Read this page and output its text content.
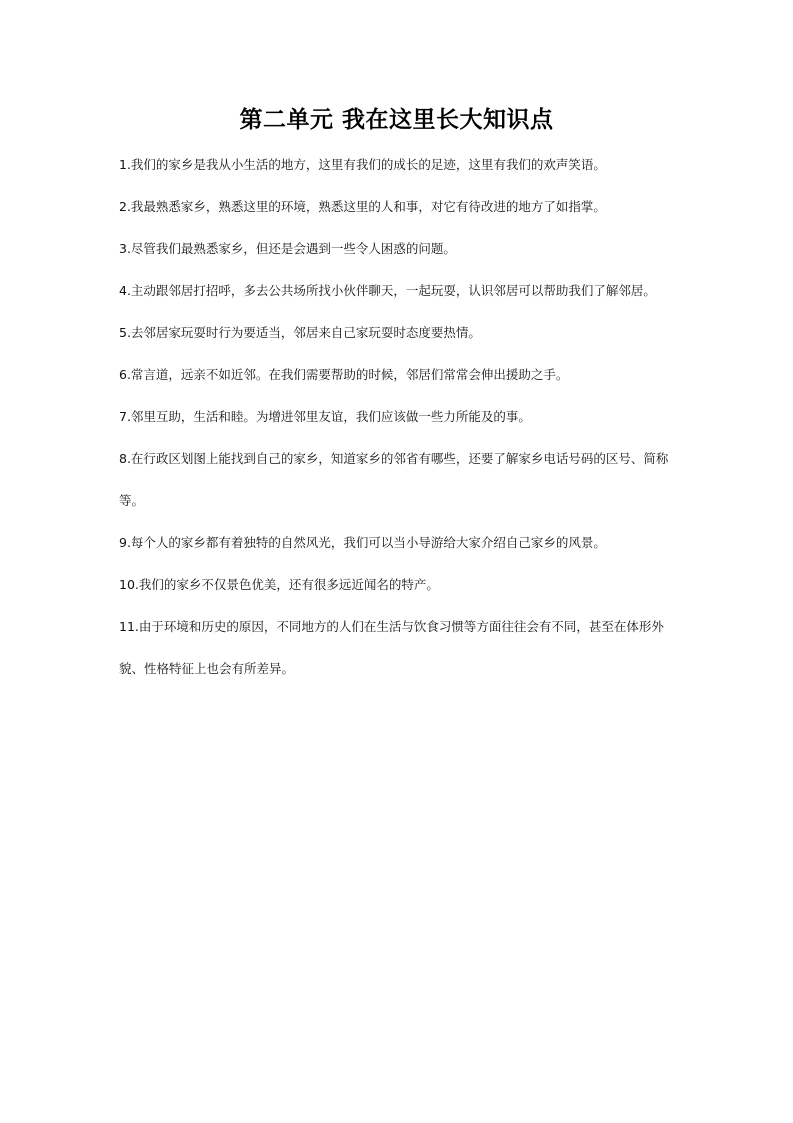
第二单元 我在这里长大知识点

1.我们的家乡是我从小生活的地方，这里有我们的成长的足迹，这里有我们的欢声笑语。

2.我最熟悉家乡，熟悉这里的环境，熟悉这里的人和事，对它有待改进的地方了如指掌。

3.尽管我们最熟悉家乡，但还是会遇到一些令人困惑的问题。

4.主动跟邻居打招呼，多去公共场所找小伙伴聊天，一起玩耍，认识邻居可以帮助我们了解邻居。

5.去邻居家玩耍时行为要适当，邻居来自己家玩耍时态度要热情。

6.常言道，远亲不如近邻。在我们需要帮助的时候，邻居们常常会伸出援助之手。

7.邻里互助，生活和睦。为增进邻里友谊，我们应该做一些力所能及的事。

8.在行政区划图上能找到自己的家乡，知道家乡的邻省有哪些，还要了解家乡电话号码的区号、简称等。

9.每个人的家乡都有着独特的自然风光，我们可以当小导游给大家介绍自己家乡的风景。

10.我们的家乡不仅景色优美，还有很多远近闻名的特产。

11.由于环境和历史的原因，不同地方的人们在生活与饮食习惯等方面往往会有不同，甚至在体形外貌、性格特征上也会有所差异。
